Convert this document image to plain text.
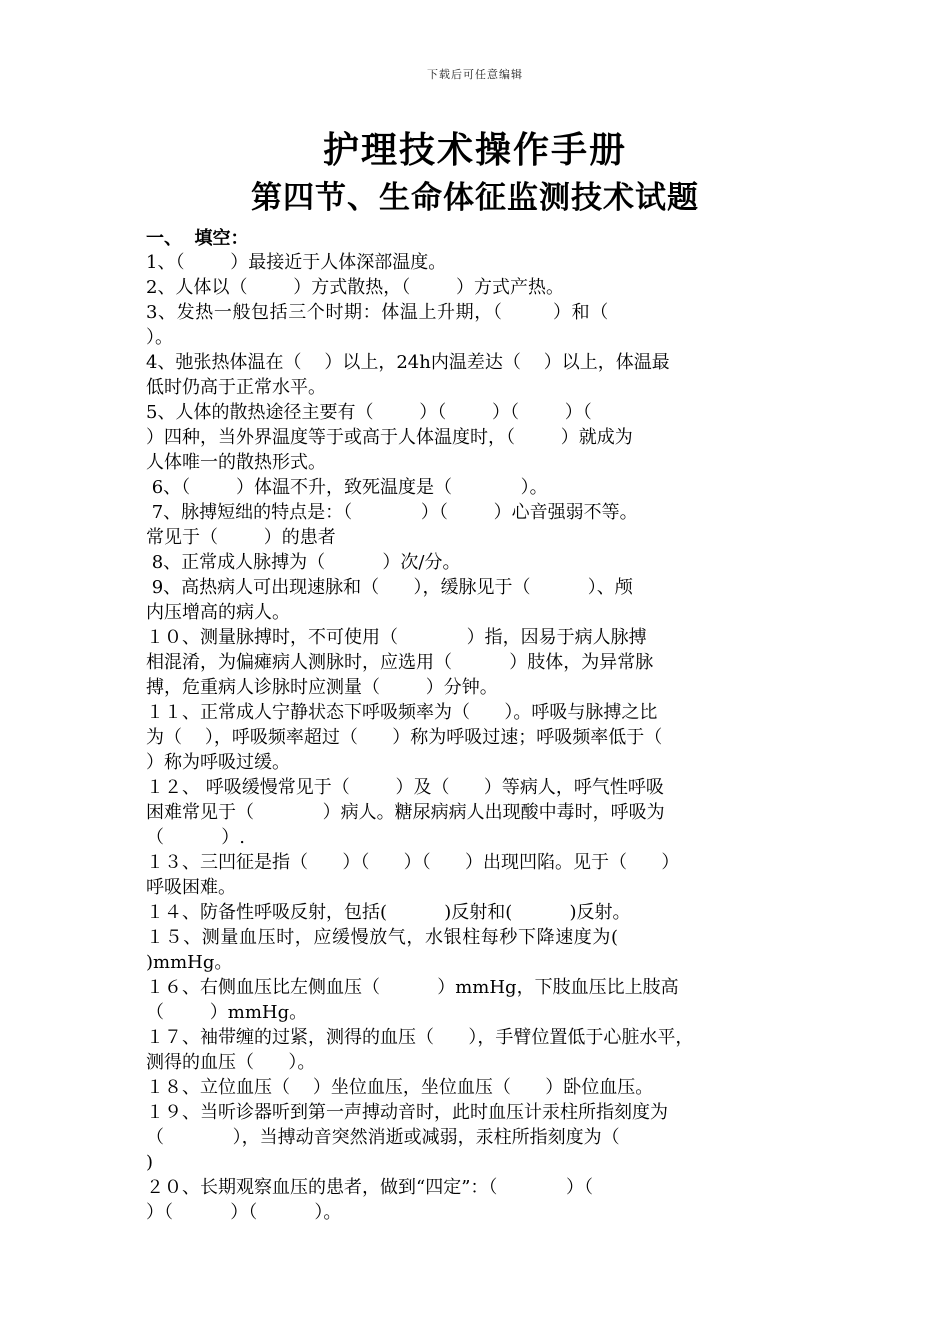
下载后可任意编辑
护理技术操作手册
第四节、生命体征监测技术试题
一、  填空：

1、（        ）最接近于人体深部温度。

2、人体以（        ）方式散热，（        ）方式产热。

3、发热一般包括三个时期：体温上升期，（        ）和（

）。

4、弛张热体温在（    ）以上，24h内温差达（    ）以上，体温最

低时仍高于正常水平。

5、人体的散热途径主要有（        ）（        ）（        ）（

）四种，当外界温度等于或高于人体温度时，（        ）就成为

人体唯一的散热形式。

6、（        ）体温不升，致死温度是（            ）。

7、脉搏短绌的特点是：（            ）（        ）心音强弱不等。

常见于（        ）的患者

8、正常成人脉搏为（          ）次/分。

9、高热病人可出现速脉和（      ），缓脉见于（          ）、颅

内压增高的病人。

１０、测量脉搏时，不可使用（            ）指，因易于病人脉搏

相混淆，为偏瘫病人测脉时，应选用（          ）肢体，为异常脉

搏，危重病人诊脉时应测量（        ）分钟。

１１、正常成人宁静状态下呼吸频率为（      ）。呼吸与脉搏之比

为（    ），呼吸频率超过（      ）称为呼吸过速；呼吸频率低于（

）称为呼吸过缓。

１２、 呼吸缓慢常见于（        ）及（      ）等病人，呼气性呼吸

困难常见于（            ）病人。糖尿病病人出现酸中毒时，呼吸为

（          ）.

１３、三凹征是指（      ）（      ）（      ）出现凹陷。见于（      ）

呼吸困难。

１４、防备性呼吸反射，包括(          )反射和(          )反射。

１５、测量血压时，应缓慢放气，水银柱每秒下降速度为(

)mmHg。

１６、右侧血压比左侧血压（          ）mmHg，下肢血压比上肢高

（        ）mmHg。

１７、袖带缠的过紧，测得的血压（      ），手臂位置低于心脏水平，

测得的血压（      ）。

１８、立位血压（    ）坐位血压，坐位血压（      ）卧位血压。

１９、当听诊器听到第一声搏动音时，此时血压计汞柱所指刻度为

（            ），当搏动音突然消逝或减弱，汞柱所指刻度为（

)

２０、长期观察血压的患者，做到“四定”：（            ）（

）（          ）（          ）。
